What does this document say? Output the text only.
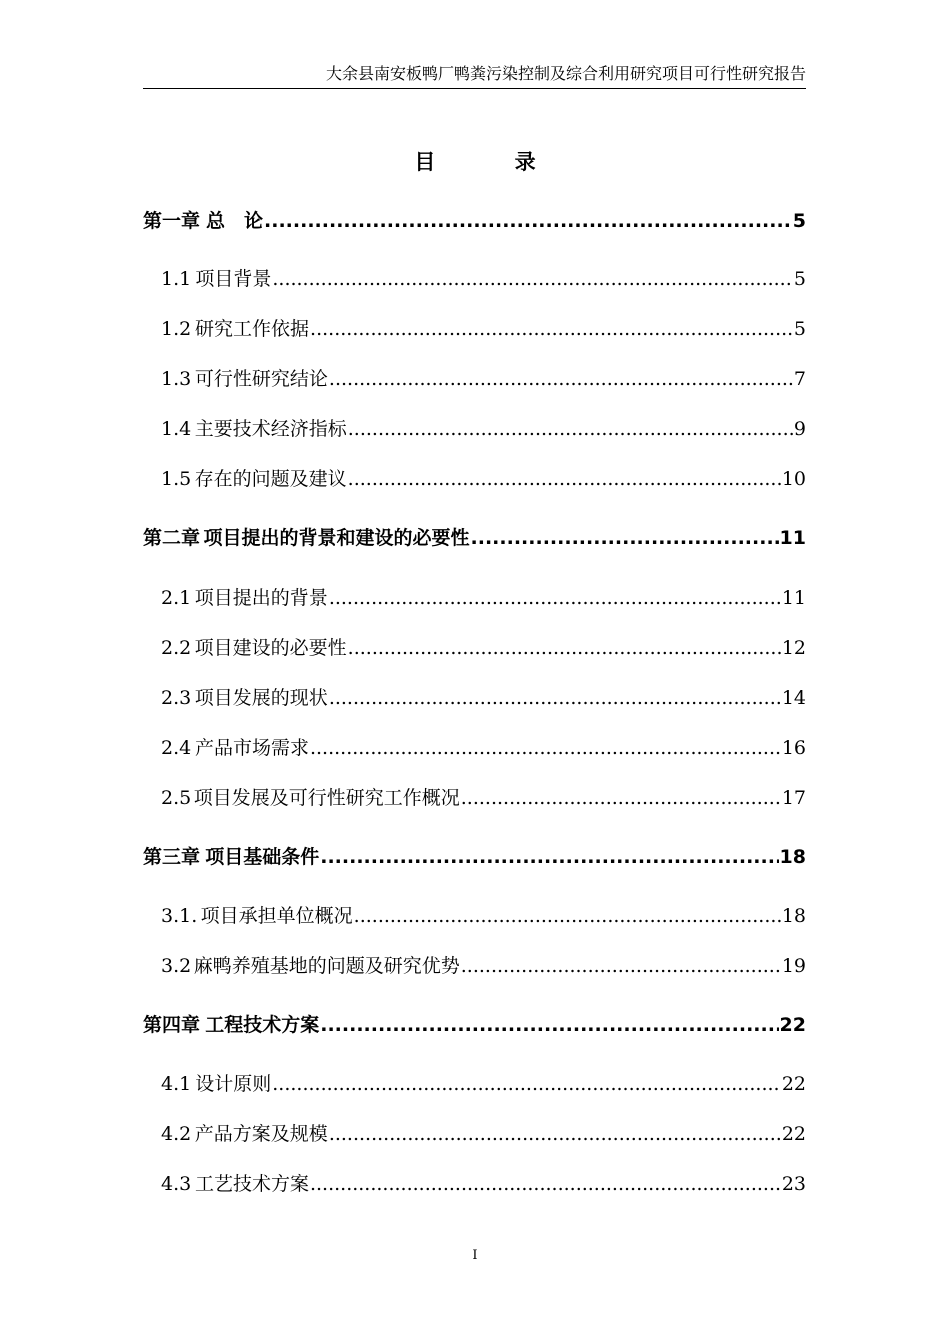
大余县南安板鸭厂鸭粪污染控制及综合利用研究项目可行性研究报告
目 录
第一章 总　论 .....	5
1.1 项目背景 .....	5
1.2 研究工作依据 .....	5
1.3 可行性研究结论 .....	7
1.4 主要技术经济指标 .....	9
1.5 存在的问题及建议 .....	10
第二章 项目提出的背景和建设的必要性 .....	11
2.1 项目提出的背景 .....	11
2.2 项目建设的必要性 .....	12
2.3 项目发展的现状 .....	14
2.4 产品市场需求 .....	16
2.5 项目发展及可行性研究工作概况 .....	17
第三章 项目基础条件 .....	18
3.1. 项目承担单位概况 .....	18
3.2 麻鸭养殖基地的问题及研究优势 .....	19
第四章 工程技术方案 .....	22
4.1 设计原则 .....	22
4.2 产品方案及规模 .....	22
4.3 工艺技术方案 .....	23
I
